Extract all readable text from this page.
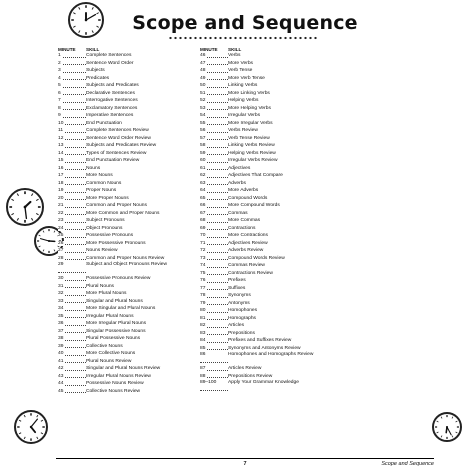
Scope and Sequence
MINUTE	SKILL
1	Complete Sentences
2	Sentence Word Order
3	Subjects
4	Predicates
5	Subjects and Predicates
6	Declarative Sentences
7	Interrogative Sentences
8	Exclamatory Sentences
9	Imperative Sentences
10	End Punctuation
11	Complete Sentences Review
12	Sentence Word Order Review
13	Subjects and Predicates Review
14	Types of Sentences Review
15	End Punctuation Review
16	Nouns
17	More Nouns
18	Common Nouns
19	Proper Nouns
20	More Proper Nouns
21	Common and Proper Nouns
22	More Common and Proper Nouns
23	Subject Pronouns
24	Object Pronouns
25	Possessive Pronouns
26	More Possessive Pronouns
27	Nouns Review
28	Common and Proper Nouns Review
29	Subject and Object Pronouns Review
30	Possessive Pronouns Review
31	Plural Nouns
32	More Plural Nouns
33	Singular and Plural Nouns
34	More Singular and Plural Nouns
35	Irregular Plural Nouns
36	More Irregular Plural Nouns
37	Singular Possessive Nouns
38	Plural Possessive Nouns
39	Collective Nouns
40	More Collective Nouns
41	Plural Nouns Review
42	Singular and Plural Nouns Review
43	Irregular Plural Nouns Review
44	Possessive Nouns Review
45	Collective Nouns Review
MINUTE	SKILL
46	Verbs
47	More Verbs
48	Verb Tense
49	More Verb Tense
50	Linking Verbs
51	More Linking Verbs
52	Helping Verbs
53	More Helping Verbs
54	Irregular Verbs
55	More Irregular Verbs
56	Verbs Review
57	Verb Tense Review
58	Linking Verbs Review
59	Helping Verbs Review
60	Irregular Verbs Review
61	Adjectives
62	Adjectives That Compare
63	Adverbs
64	More Adverbs
65	Compound Words
66	More Compound Words
67	Commas
68	More Commas
69	Contractions
70	More Contractions
71	Adjectives Review
72	Adverbs Review
73	Compound Words Review
74	Commas Review
75	Contractions Review
76	Prefixes
77	Suffixes
78	Synonyms
79	Antonyms
80	Homophones
81	Homographs
82	Articles
83	Prepositions
84	Prefixes and Suffixes Review
85	Synonyms and Antonyms Review
86	Homophones and Homographs Review
87	Articles Review
88	Prepositions Review
89–100	Apply Your Grammar Knowledge
7	Scope and Sequence
